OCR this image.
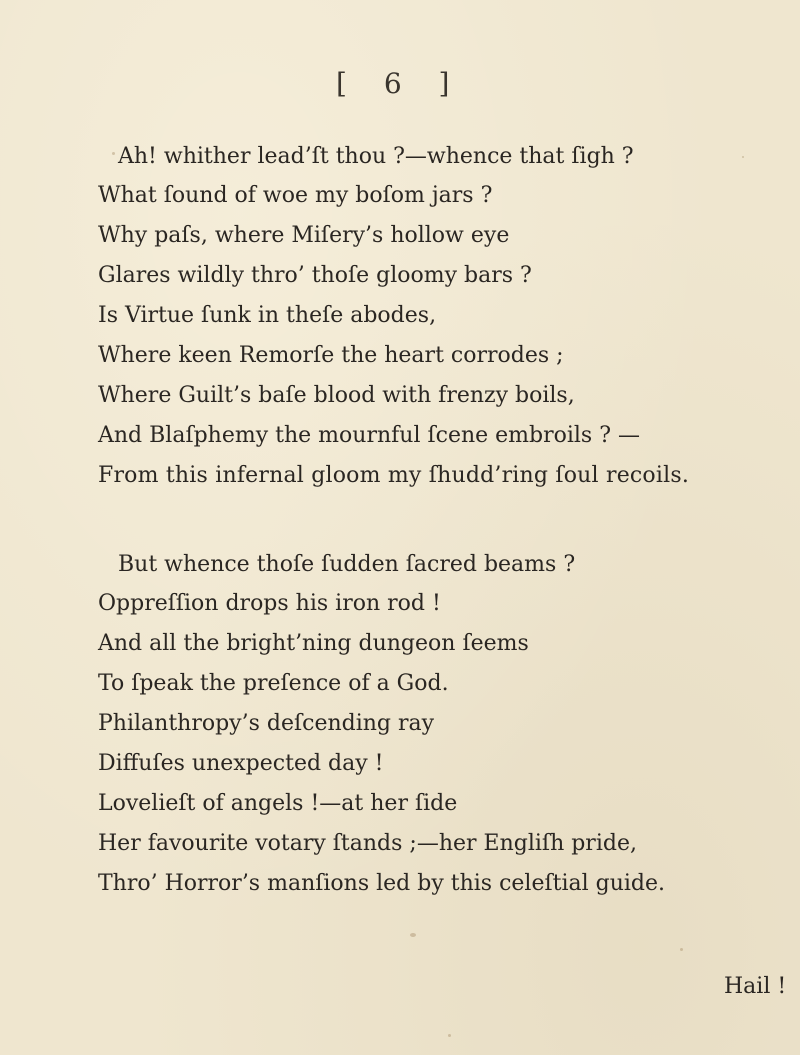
[ 6 ]
Ah! whither lead’ſt thou ?—whence that ſigh ?
What ſound of woe my boſom jars ?
Why paſs, where Miſery’s hollow eye
Glares wildly thro’ thoſe gloomy bars ?
Is Virtue ſunk in theſe abodes,
Where keen Remorſe the heart corrodes ;
Where Guilt’s baſe blood with frenzy boils,
And Blaſphemy the mournful ſcene embroils ? —
From this infernal gloom my ſhudd’ring ſoul recoils.
But whence thoſe ſudden ſacred beams ?
Oppreſſion drops his iron rod !
And all the bright’ning dungeon ſeems
To ſpeak the preſence of a God.
Philanthropy’s deſcending ray
Diffuſes unexpected day !
Lovelieſt of angels !—at her ſide
Her favourite votary ſtands ;—her Engliſh pride,
Thro’ Horror’s manſions led by this celeſtial guide.
Hail !
